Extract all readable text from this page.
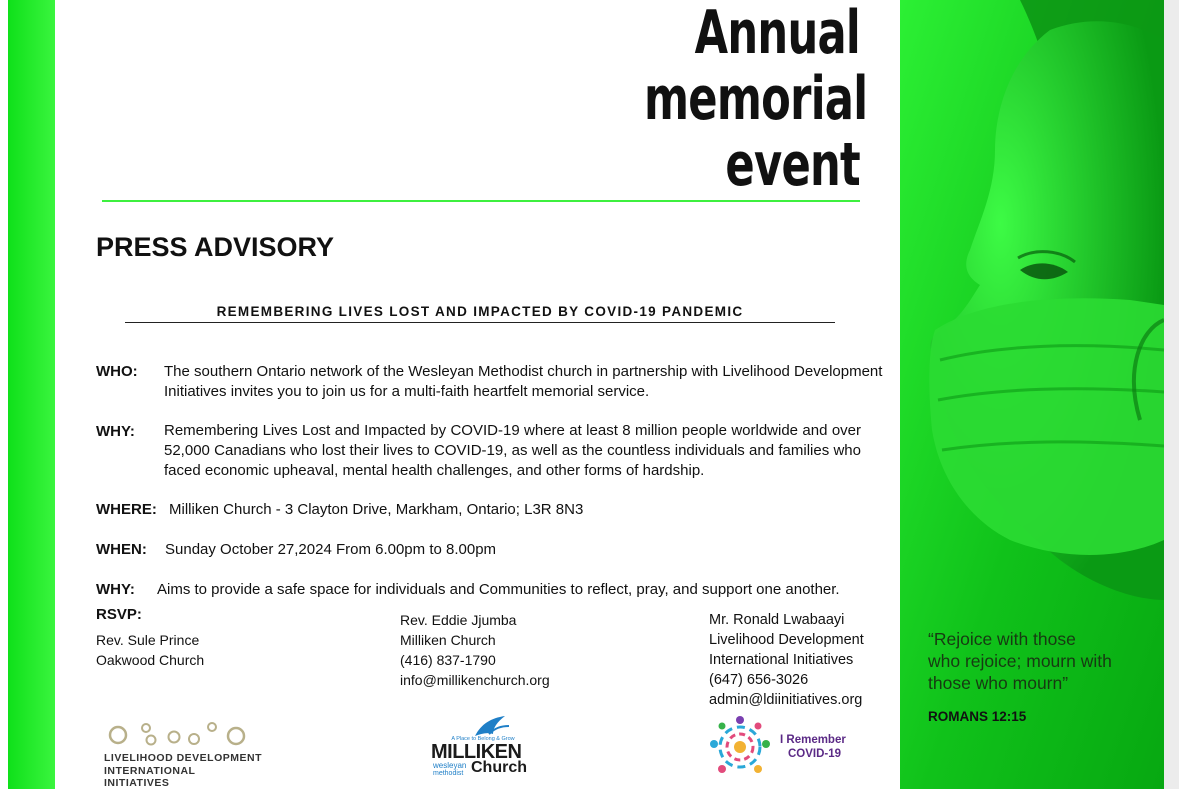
Annual
memorial
event
PRESS ADVISORY
REMEMBERING LIVES LOST AND IMPACTED BY COVID-19 PANDEMIC
WHO: The southern Ontario network of the Wesleyan Methodist church in partnership with Livelihood Development Initiatives invites you to join us for a multi-faith heartfelt memorial service.
WHY: Remembering Lives Lost and Impacted by COVID-19 where at least 8 million people worldwide and over 52,000 Canadians who lost their lives to COVID-19, as well as the countless individuals and families who faced economic upheaval, mental health challenges, and other forms of hardship.
WHERE: Milliken Church - 3 Clayton Drive, Markham, Ontario; L3R 8N3
WHEN: Sunday October 27,2024 From 6.00pm to 8.00pm
WHY: Aims to provide a safe space for individuals and Communities to reflect, pray, and support one another.
RSVP:
Rev. Sule Prince
Oakwood Church
Rev. Eddie Jjumba
Milliken Church
(416) 837-1790
info@millikenchurch.org
Mr. Ronald Lwabaayi
Livelihood Development
International Initiatives
(647) 656-3026
admin@ldiinitiatives.org
“Rejoice with those
who rejoice; mourn with
those who mourn”
ROMANS 12:15
LIVELIHOOD DEVELOPMENT
INTERNATIONAL INITIATIVES
A Place to Belong & Grow
MILLIKEN
wesleyan
methodist Church
I Remember
COVID-19
